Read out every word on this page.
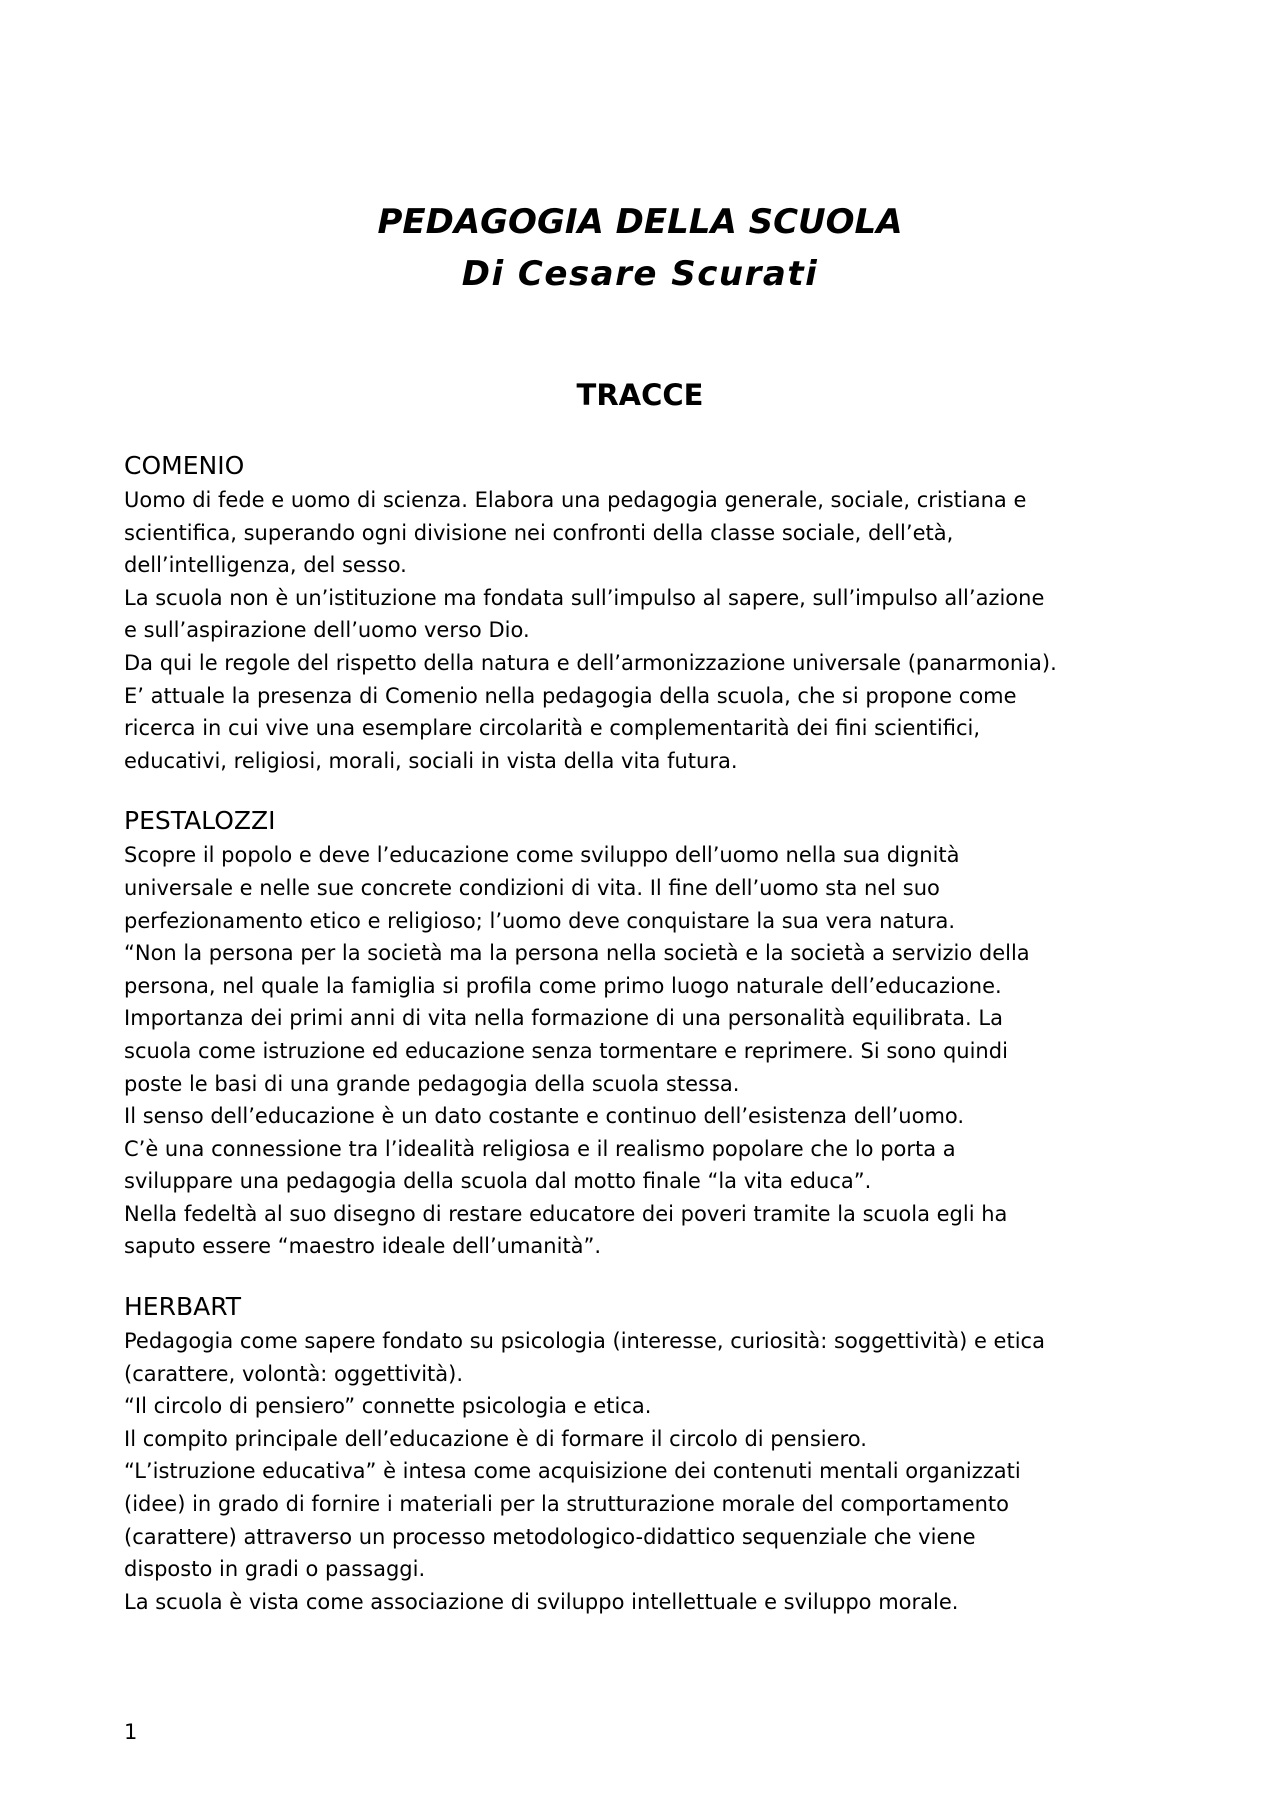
PEDAGOGIA DELLA SCUOLA
Di Cesare Scurati
TRACCE
COMENIO

Uomo di fede e uomo di scienza. Elabora una pedagogia generale, sociale, cristiana e

scientifica, superando ogni divisione nei confronti della classe sociale, dell’età,

dell’intelligenza, del sesso.

La scuola non è un’istituzione ma fondata sull’impulso al sapere, sull’impulso all’azione

e sull’aspirazione dell’uomo verso Dio.

Da qui le regole del rispetto della natura e dell’armonizzazione universale (panarmonia).

E’ attuale la presenza di Comenio nella pedagogia della scuola, che si propone come

ricerca in cui vive una esemplare circolarità e complementarità dei fini scientifici,

educativi, religiosi, morali, sociali in vista della vita futura.

PESTALOZZI

Scopre il popolo e deve l’educazione come sviluppo dell’uomo nella sua dignità

universale e nelle sue concrete condizioni di vita. Il fine dell’uomo sta nel suo

perfezionamento etico e religioso; l’uomo deve conquistare la sua vera natura.

“Non la persona per la società ma la persona nella società e la società a servizio della

persona, nel quale la famiglia si profila come primo luogo naturale dell’educazione.

Importanza dei primi anni di vita nella formazione di una personalità equilibrata. La

scuola come istruzione ed educazione senza tormentare e reprimere. Si sono quindi

poste le basi di una grande pedagogia della scuola stessa.

Il senso dell’educazione è un dato costante e continuo dell’esistenza dell’uomo.

C’è una connessione tra l’idealità religiosa e il realismo popolare che lo porta a

sviluppare una pedagogia della scuola dal motto finale “la vita educa”.

Nella fedeltà al suo disegno di restare educatore dei poveri tramite la scuola egli ha

saputo essere “maestro ideale dell’umanità”.

HERBART

Pedagogia come sapere fondato su psicologia (interesse, curiosità: soggettività) e etica

(carattere, volontà: oggettività).

“Il circolo di pensiero” connette psicologia e etica.

Il compito principale dell’educazione è di formare il circolo di pensiero.

“L’istruzione educativa” è intesa come acquisizione dei contenuti mentali organizzati

(idee) in grado di fornire i materiali per la strutturazione morale del comportamento

(carattere) attraverso un processo metodologico-didattico sequenziale che viene

disposto in gradi o passaggi.

La scuola è vista come associazione di sviluppo intellettuale e sviluppo morale.

1
